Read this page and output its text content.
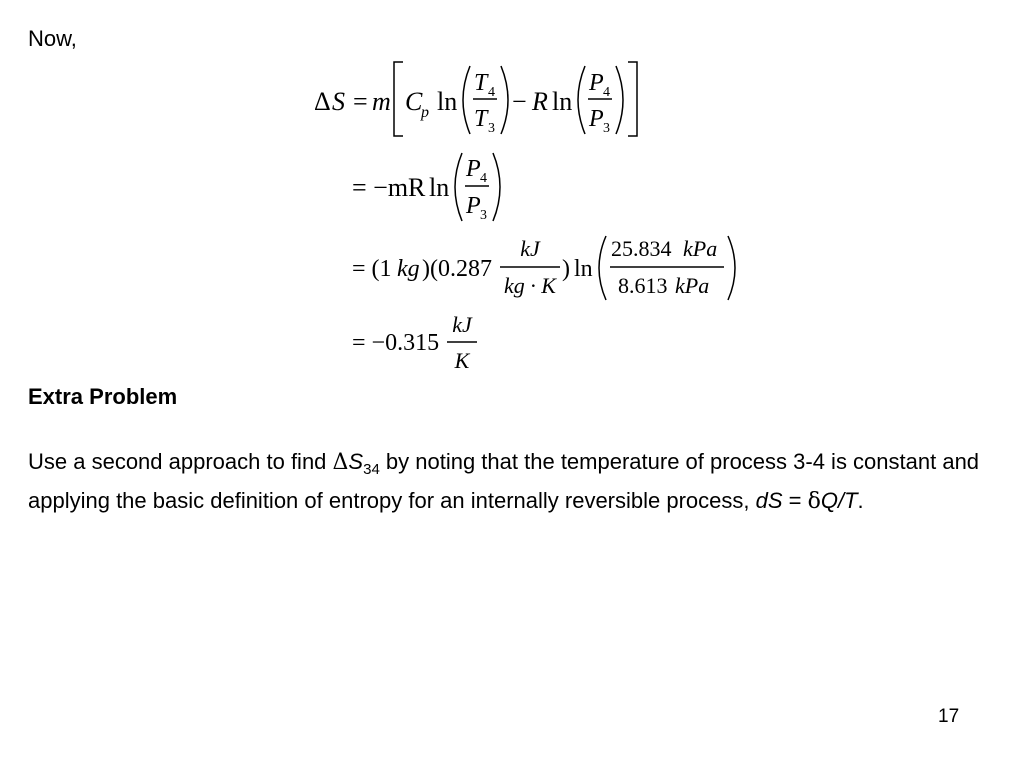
Now,
Δ S = m C
p ln
T 4
T 3
− R ln
P 4
P 3
= −mR ln
P 4
P 3
= (1 kg )(0.287
kJ
kg · K
) ln
25.834 kPa
8.613 kPa
= −0.315
kJ
K
Extra Problem
Use a second approach to find $\Delta S_{34}$ by noting that the temperature of process 3-4 is constant and applying the basic definition of entropy for an internally reversible process, dS = δQ/T.
17
